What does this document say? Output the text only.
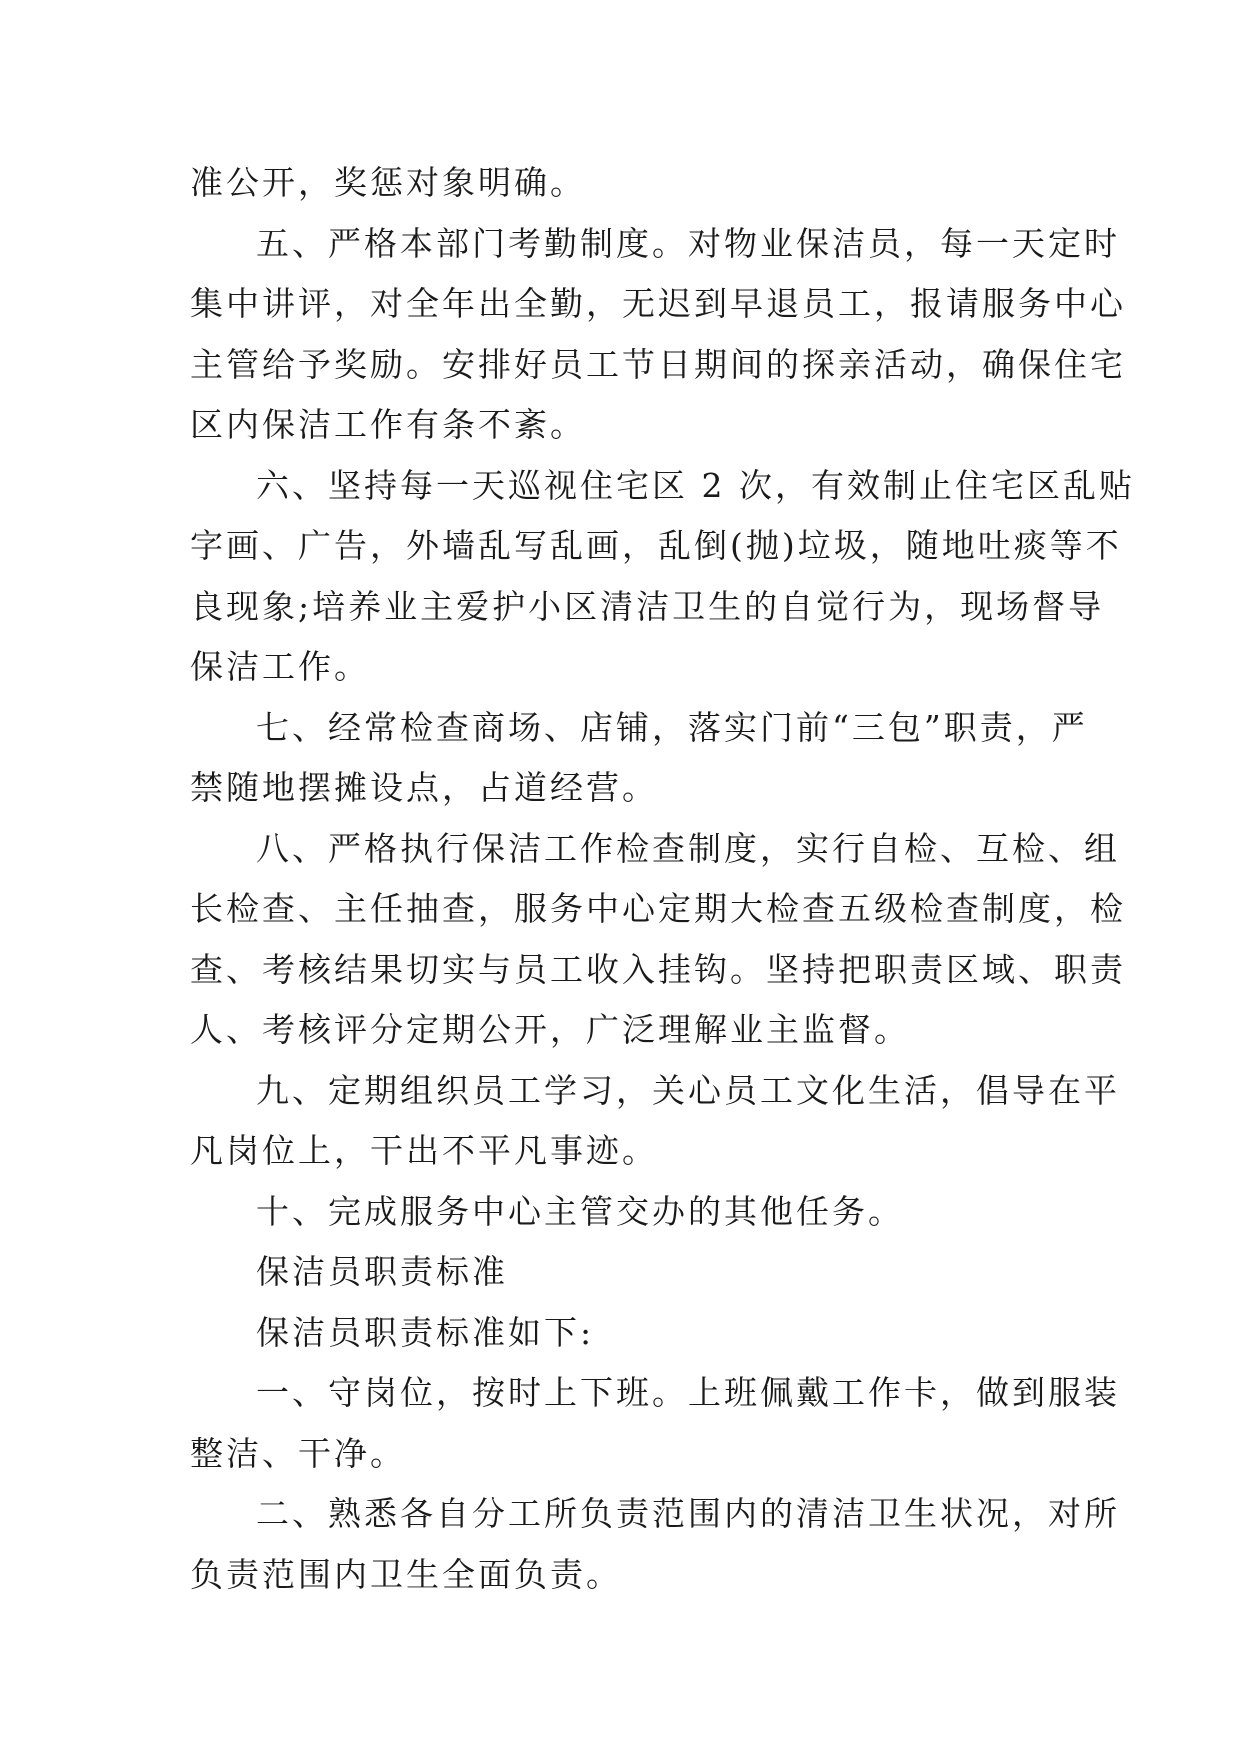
准公开，奖惩对象明确。
五、严格本部门考勤制度。对物业保洁员，每一天定时
集中讲评，对全年出全勤，无迟到早退员工，报请服务中心
主管给予奖励。安排好员工节日期间的探亲活动，确保住宅
区内保洁工作有条不紊。
六、坚持每一天巡视住宅区 2 次，有效制止住宅区乱贴
字画、广告，外墙乱写乱画，乱倒(抛)垃圾，随地吐痰等不
良现象;培养业主爱护小区清洁卫生的自觉行为，现场督导
保洁工作。
七、经常检查商场、店铺，落实门前“三包”职责，严
禁随地摆摊设点，占道经营。
八、严格执行保洁工作检查制度，实行自检、互检、组
长检查、主任抽查，服务中心定期大检查五级检查制度，检
查、考核结果切实与员工收入挂钩。坚持把职责区域、职责
人、考核评分定期公开，广泛理解业主监督。
九、定期组织员工学习，关心员工文化生活，倡导在平
凡岗位上，干出不平凡事迹。
十、完成服务中心主管交办的其他任务。
保洁员职责标准
保洁员职责标准如下:
一、守岗位，按时上下班。上班佩戴工作卡，做到服装
整洁、干净。
二、熟悉各自分工所负责范围内的清洁卫生状况，对所
负责范围内卫生全面负责。
